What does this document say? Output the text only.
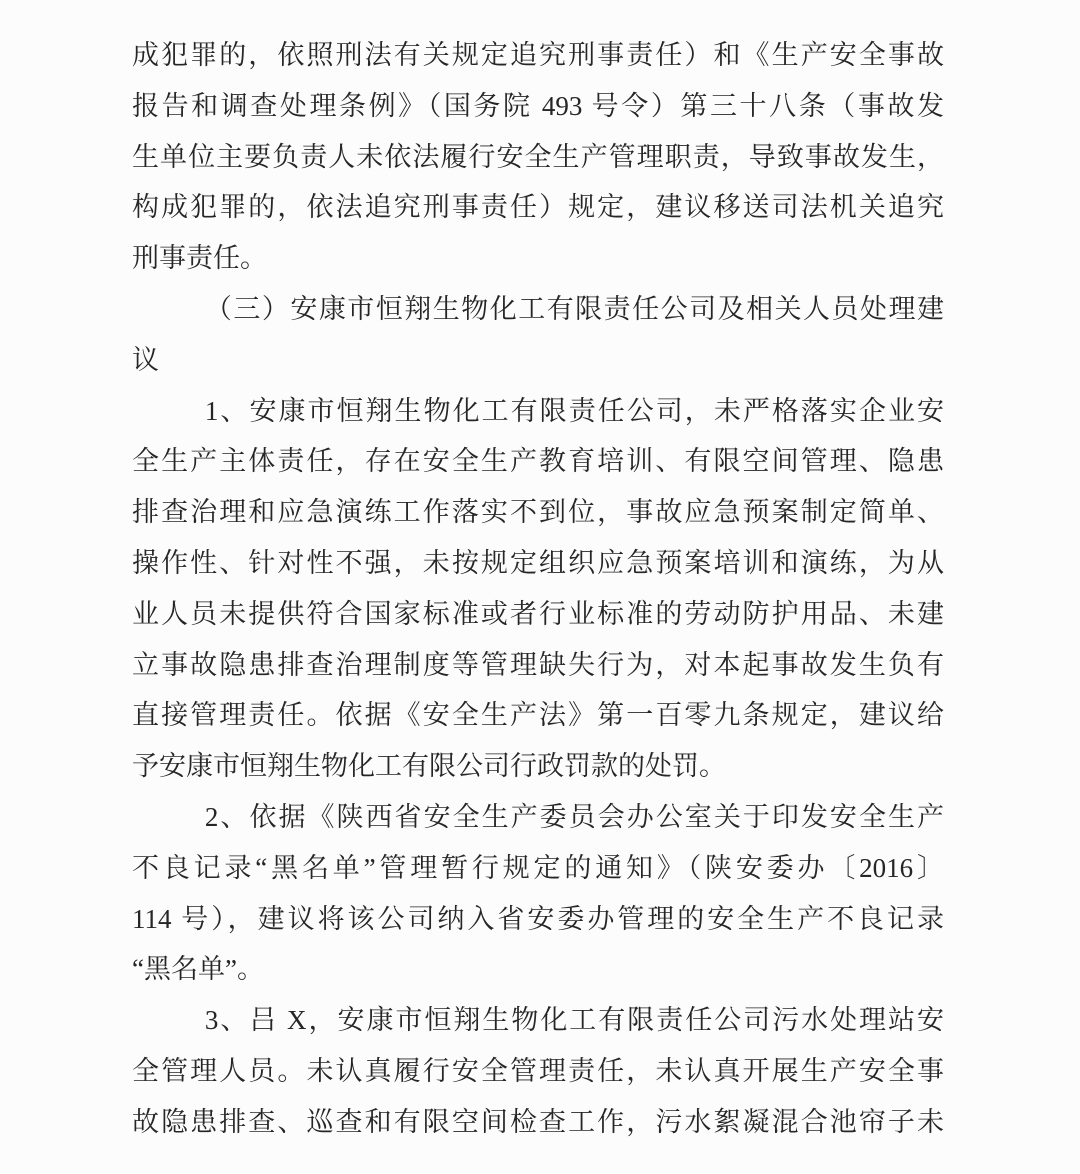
成犯罪的，依照刑法有关规定追究刑事责任）和《生产安全事故
报告和调查处理条例》（国务院 493 号令）第三十八条（事故发
生单位主要负责人未依法履行安全生产管理职责，导致事故发生，
构成犯罪的，依法追究刑事责任）规定，建议移送司法机关追究
刑事责任。
（三）安康市恒翔生物化工有限责任公司及相关人员处理建
议
1、安康市恒翔生物化工有限责任公司，未严格落实企业安
全生产主体责任，存在安全生产教育培训、有限空间管理、隐患
排查治理和应急演练工作落实不到位，事故应急预案制定简单、
操作性、针对性不强，未按规定组织应急预案培训和演练，为从
业人员未提供符合国家标准或者行业标准的劳动防护用品、未建
立事故隐患排查治理制度等管理缺失行为，对本起事故发生负有
直接管理责任。依据《安全生产法》第一百零九条规定，建议给
予安康市恒翔生物化工有限公司行政罚款的处罚。
2、依据《陕西省安全生产委员会办公室关于印发安全生产
不良记录“黑名单”管理暂行规定的通知》（陕安委办〔2016〕
114 号），建议将该公司纳入省安委办管理的安全生产不良记录
“黑名单”。
3、吕 X，安康市恒翔生物化工有限责任公司污水处理站安
全管理人员。未认真履行安全管理责任，未认真开展生产安全事
故隐患排查、巡查和有限空间检查工作，污水絮凝混合池帘子未
